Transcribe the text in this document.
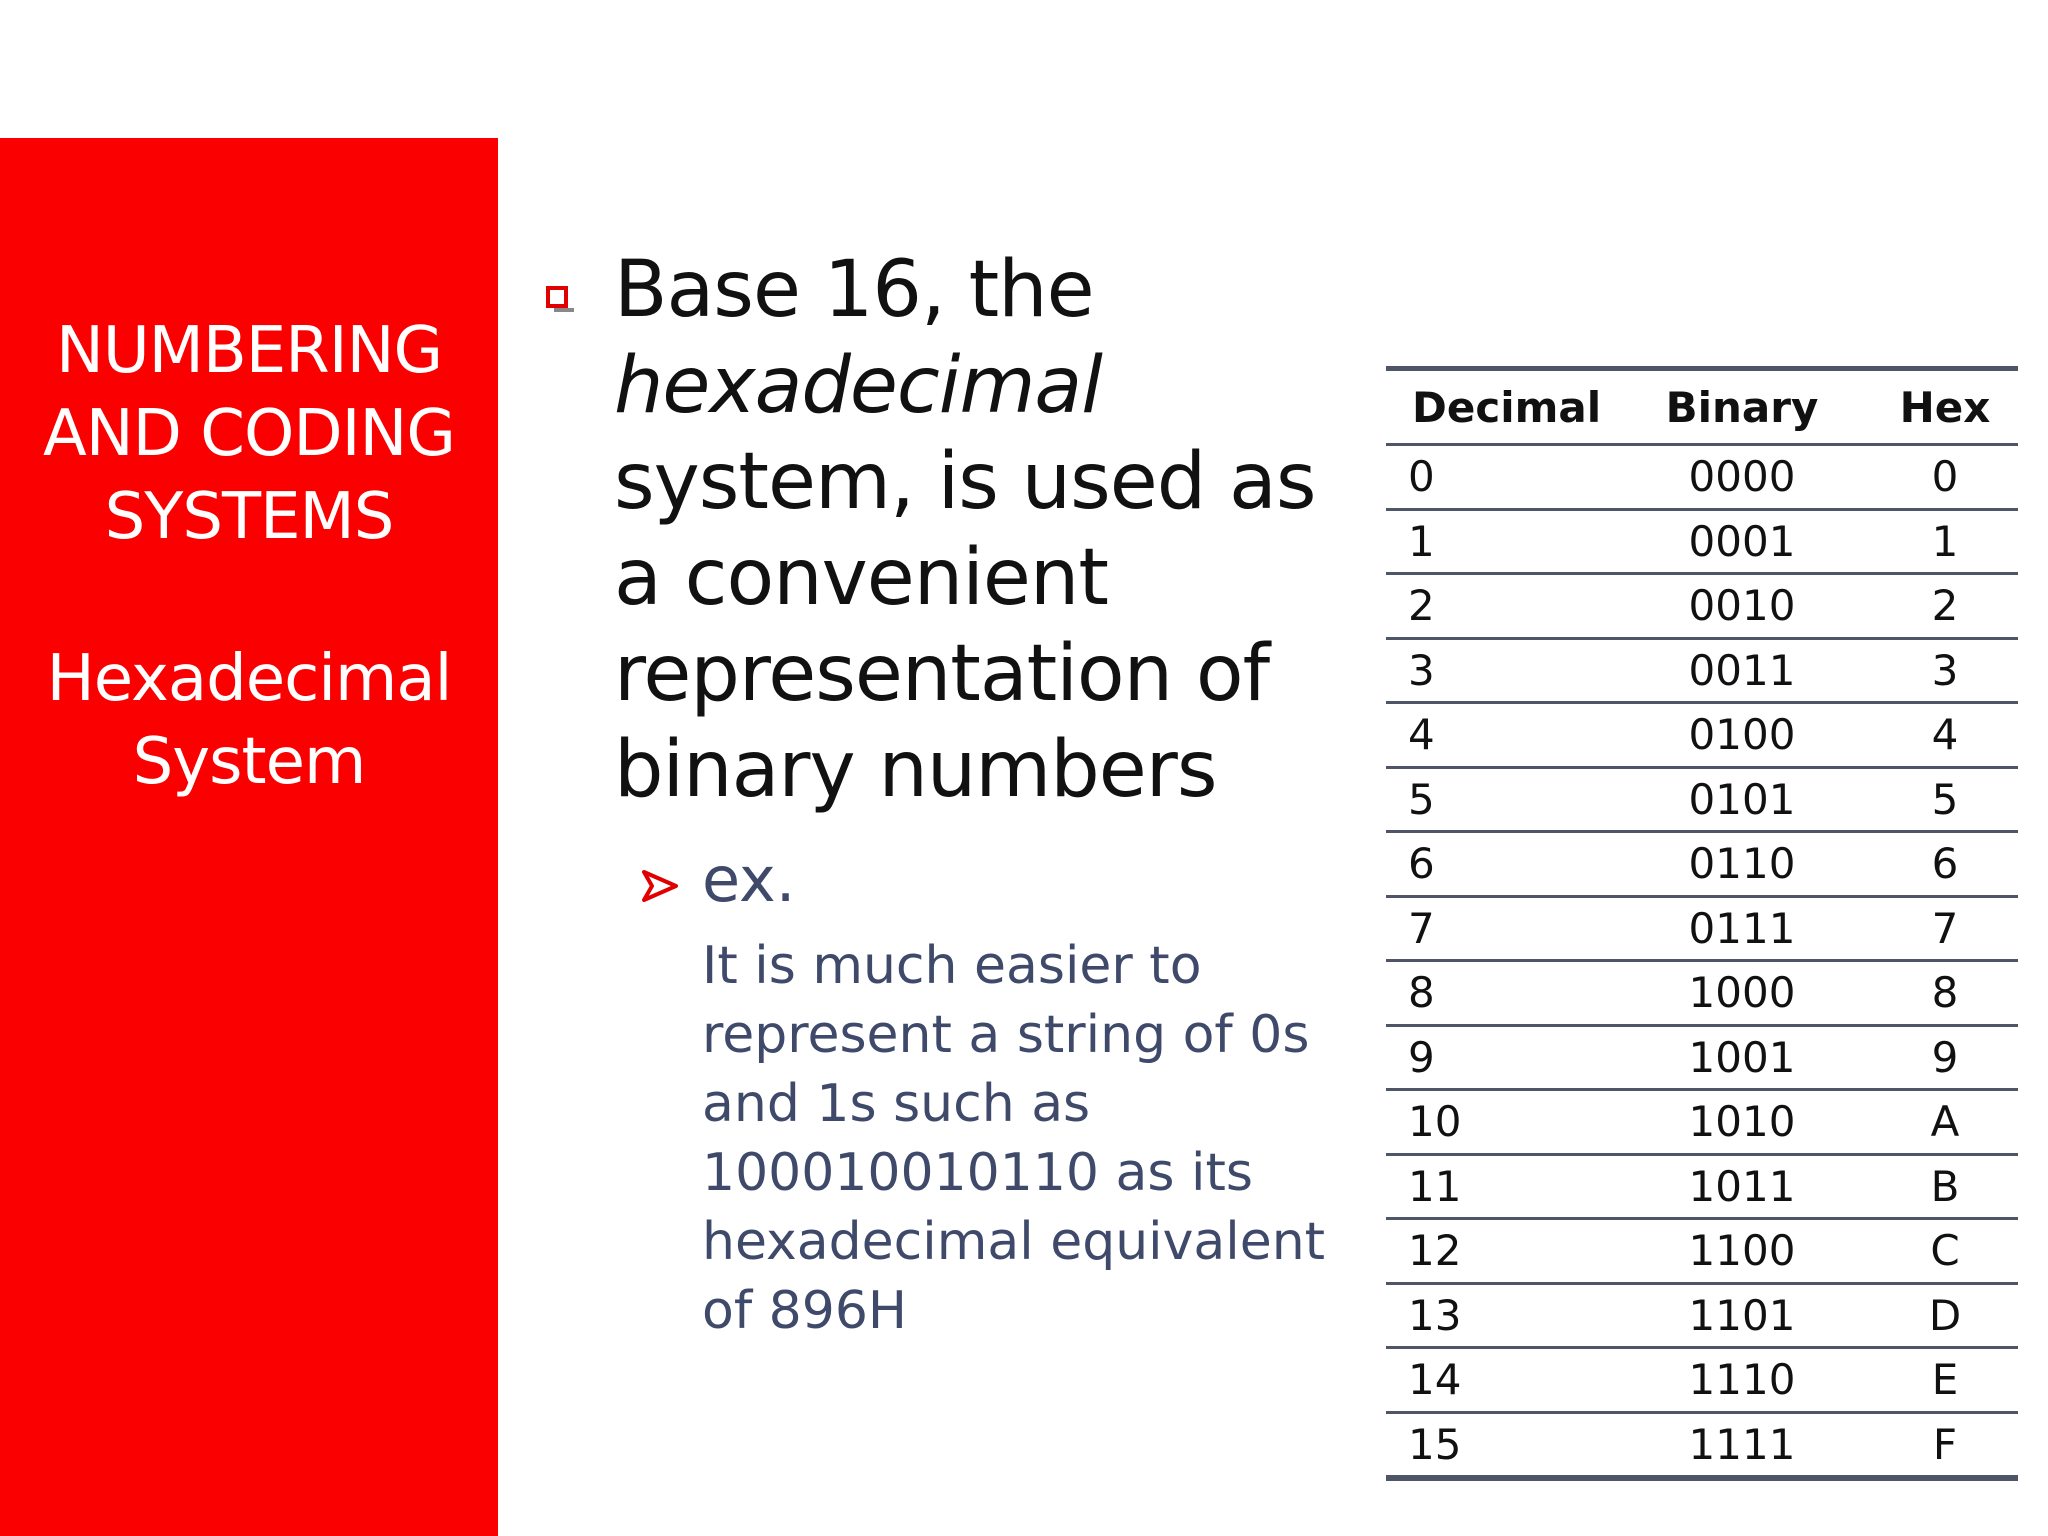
NUMBERING AND CODING SYSTEMS
Hexadecimal System
Base 16, the hexadecimal system, is used as a convenient representation of binary numbers
ex.
It is much easier to represent a string of 0s and 1s such as 100010010110 as its hexadecimal equivalent of 896H
Decimal	Binary	Hex
0	0000	0
1	0001	1
2	0010	2
3	0011	3
4	0100	4
5	0101	5
6	0110	6
7	0111	7
8	1000	8
9	1001	9
10	1010	A
11	1011	B
12	1100	C
13	1101	D
14	1110	E
15	1111	F
